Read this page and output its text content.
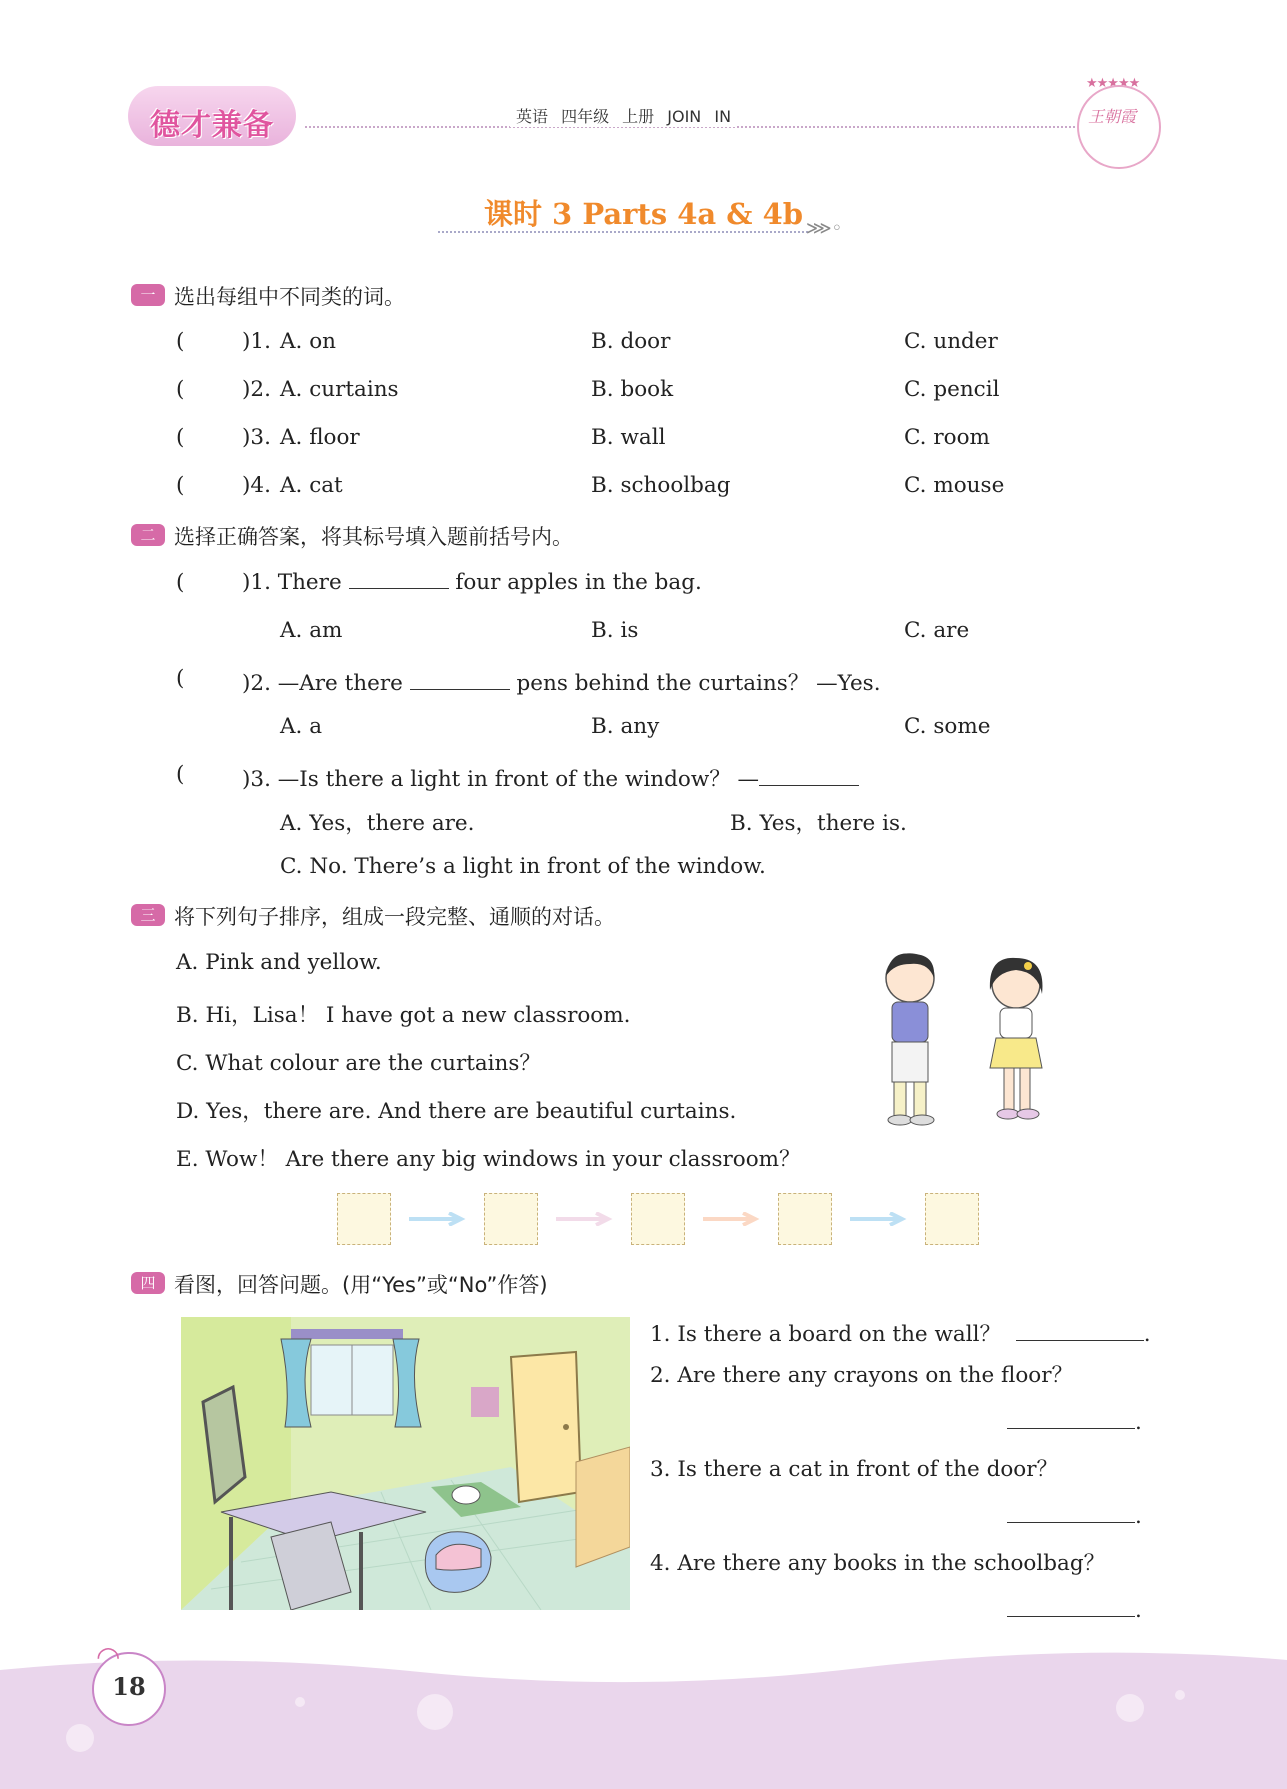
德才兼备	英语 四年级 上册 JOIN IN
★★★★★
王朝霞
课时 3 Parts 4a & 4b ⋙◦
一 选出每组中不同类的词。
(	)1. A. on	B. door	C. under
(	)2. A. curtains	B. book	C. pencil
(	)3. A. floor	B. wall	C. room
(	)4. A. cat	B. schoolbag	C. mouse
二 选择正确答案，将其标号填入题前括号内。
(	)1. There	four apples in the bag.
A. am	B. is	C. are
(	)2. —Are there	pens behind the curtains？ —Yes.
A. a	B. any	C. some
(	)3. —Is there a light in front of the window？ —
A. Yes，there are.	B. Yes，there is.
C. No. There’s a light in front of the window.
三 将下列句子排序，组成一段完整、通顺的对话。
A. Pink and yellow.
B. Hi，Lisa！ I have got a new classroom.
C. What colour are the curtains？
D. Yes，there are. And there are beautiful curtains.
E. Wow！ Are there any big windows in your classroom？
四 看图，回答问题。(用“Yes”或“No”作答)
1. Is there a board on the wall？	.
2. Are there any crayons on the floor？
.
3. Is there a cat in front of the door？
.
4. Are there any books in the schoolbag？
.
18
◠
